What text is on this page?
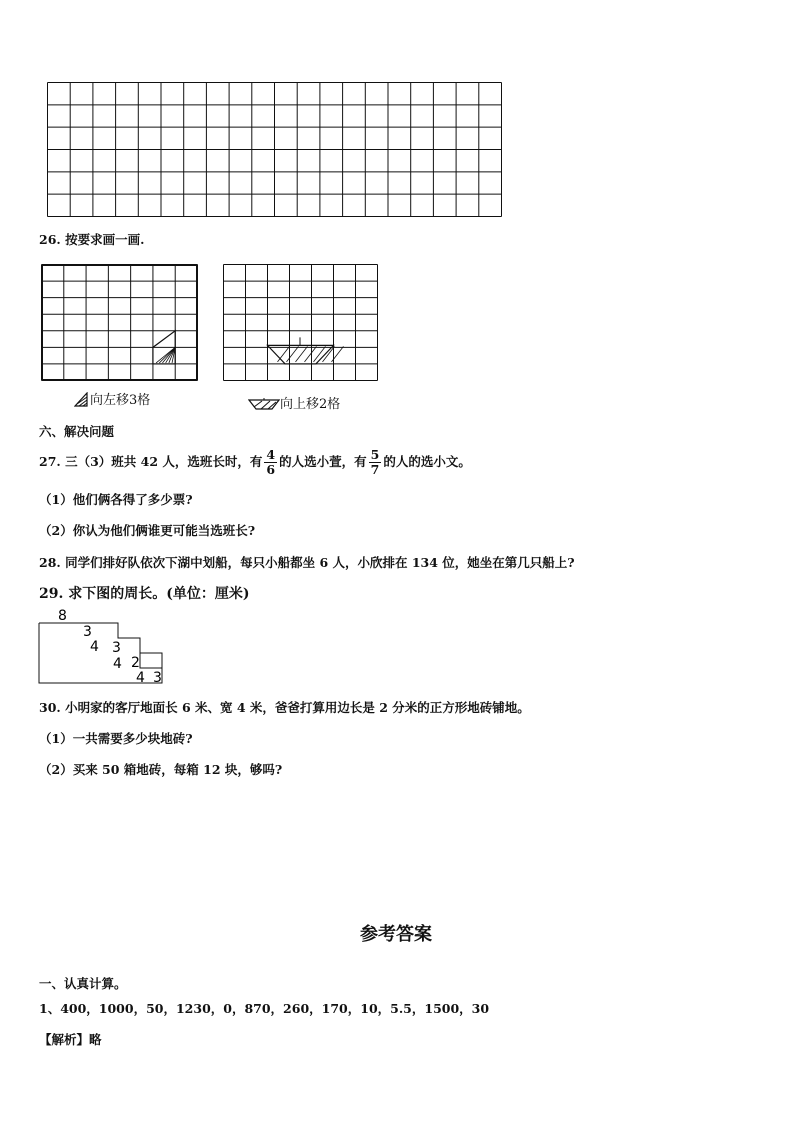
26. 按要求画一画.
向左移3格	向上移2格
六、解决问题
27. 三（3）班共 42 人，选班长时，有 $\frac{4}{6}$ 的人选小萱，有 $\frac{5}{7}$ 的人的选小文。
（1）他们俩各得了多少票?
（2）你认为他们俩谁更可能当选班长?
28. 同学们排好队依次下湖中划船，每只小船都坐 6 人，小欣排在 134 位，她坐在第几只船上?
29. 求下图的周长。(单位：厘米)
8
3
4 3
4 2
4 3
30. 小明家的客厅地面长 6 米、宽 4 米，爸爸打算用边长是 2 分米的正方形地砖铺地。
（1）一共需要多少块地砖?
（2）买来 50 箱地砖，每箱 12 块，够吗?
参考答案
一、认真计算。
1、400，1000，50，1230，0，870，260，170，10，5.5，1500，30
【解析】略
